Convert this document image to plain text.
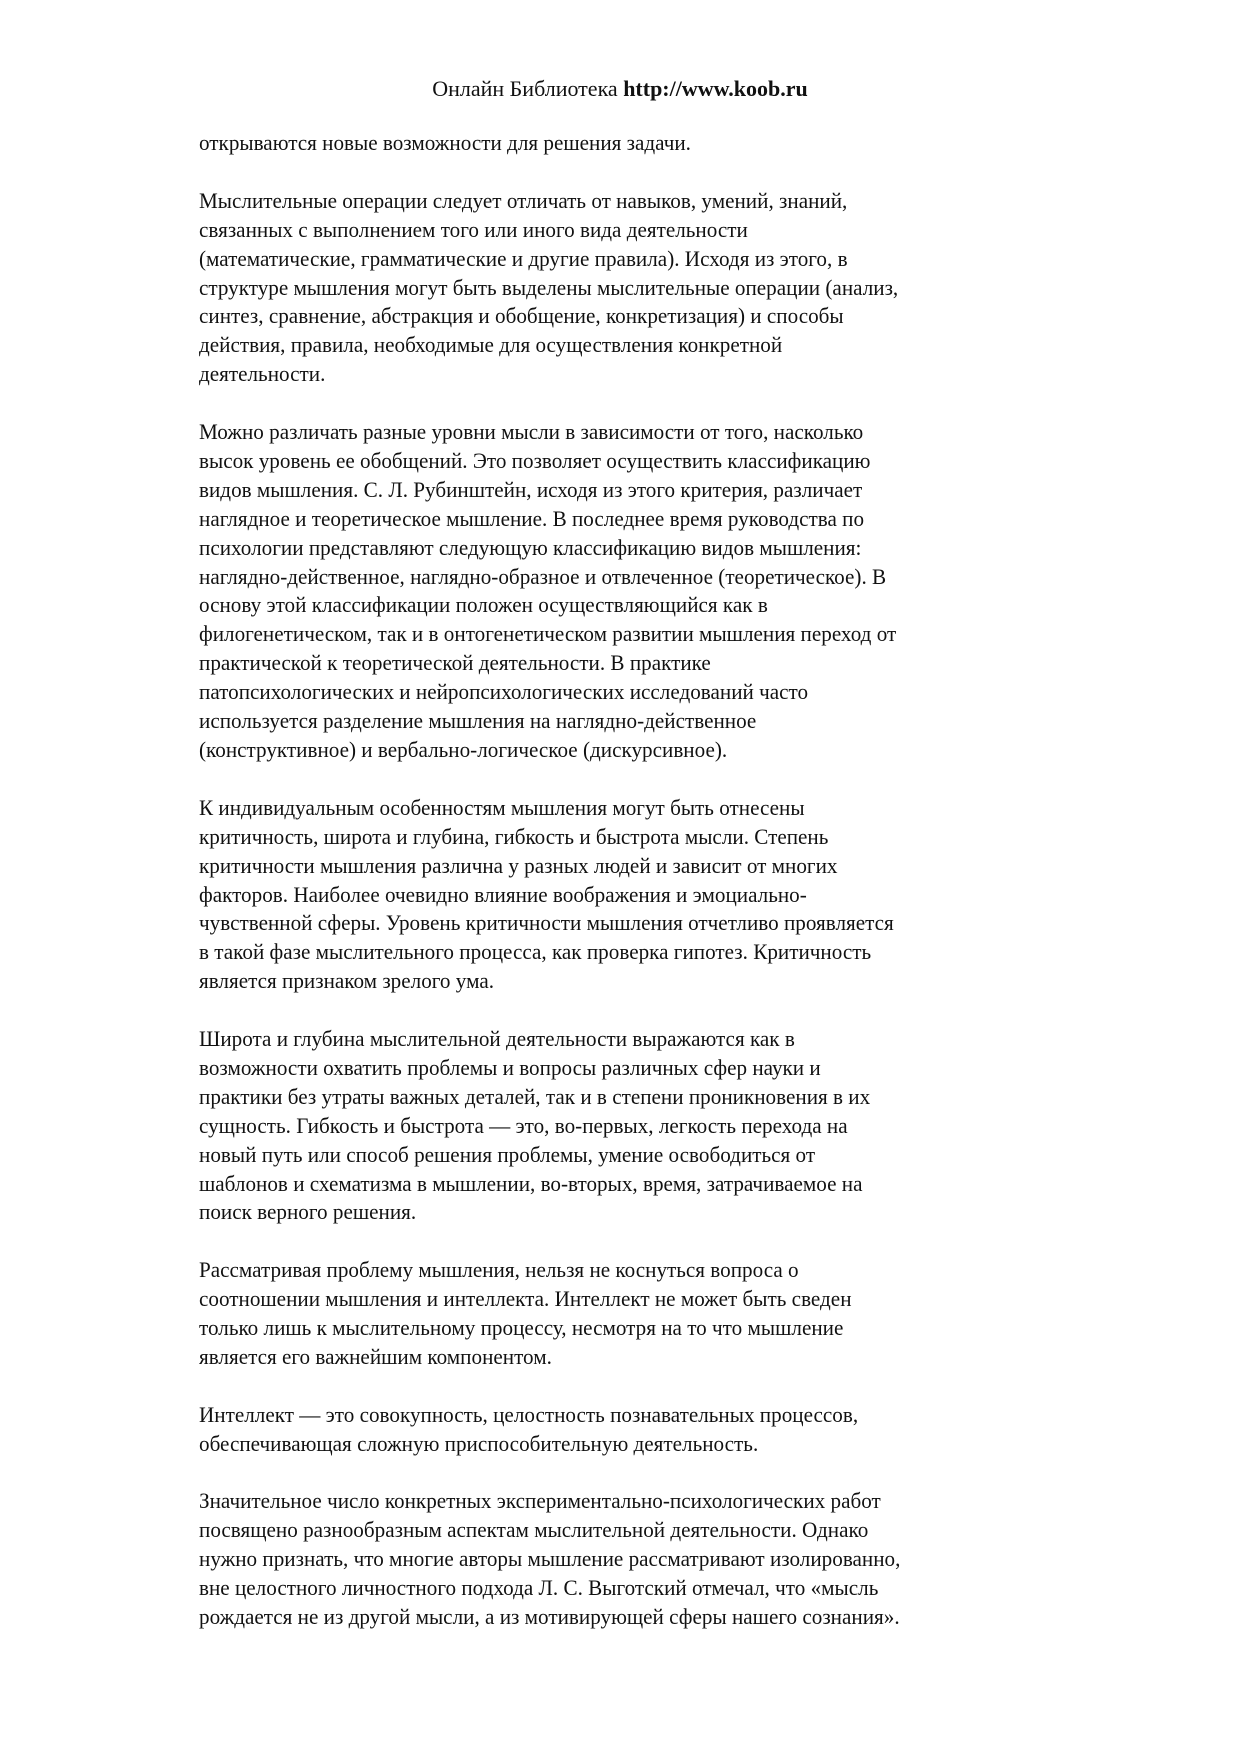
Онлайн Библиотека http://www.koob.ru
открываются новые возможности для решения задачи.
Мыслительные операции следует отличать от навыков, умений, знаний,
связанных с выполнением того или иного вида деятельности
(математические, грамматические и другие правила). Исходя из этого, в
структуре мышления могут быть выделены мыслительные операции (анализ,
синтез, сравнение, абстракция и обобщение, конкретизация) и способы
действия, правила, необходимые для осуществления конкретной
деятельности.
Можно различать разные уровни мысли в зависимости от того, насколько
высок уровень ее обобщений. Это позволяет осуществить классификацию
видов мышления. С. Л. Рубинштейн, исходя из этого критерия, различает
наглядное и теоретическое мышление. В последнее время руководства по
психологии представляют следующую классификацию видов мышления:
наглядно-действенное, наглядно-образное и отвлеченное (теоретическое). В
основу этой классификации положен осуществляющийся как в
филогенетическом, так и в онтогенетическом развитии мышления переход от
практической к теоретической деятельности. В практике
патопсихологических и нейропсихологических исследований часто
используется разделение мышления на наглядно-действенное
(конструктивное) и вербально-логическое (дискурсивное).
К индивидуальным особенностям мышления могут быть отнесены
критичность, широта и глубина, гибкость и быстрота мысли. Степень
критичности мышления различна у разных людей и зависит от многих
факторов. Наиболее очевидно влияние воображения и эмоциально-
чувственной сферы. Уровень критичности мышления отчетливо проявляется
в такой фазе мыслительного процесса, как проверка гипотез. Критичность
является признаком зрелого ума.
Широта и глубина мыслительной деятельности выражаются как в
возможности охватить проблемы и вопросы различных сфер науки и
практики без утраты важных деталей, так и в степени проникновения в их
сущность. Гибкость и быстрота — это, во-первых, легкость перехода на
новый путь или способ решения проблемы, умение освободиться от
шаблонов и схематизма в мышлении, во-вторых, время, затрачиваемое на
поиск верного решения.
Рассматривая проблему мышления, нельзя не коснуться вопроса о
соотношении мышления и интеллекта. Интеллект не может быть сведен
только лишь к мыслительному процессу, несмотря на то что мышление
является его важнейшим компонентом.
Интеллект — это совокупность, целостность познавательных процессов,
обеспечивающая сложную приспособительную деятельность.
Значительное число конкретных экспериментально-психологических работ
посвящено разнообразным аспектам мыслительной деятельности. Однако
нужно признать, что многие авторы мышление рассматривают изолированно,
вне целостного личностного подхода Л. С. Выготский отмечал, что «мысль
рождается не из другой мысли, а из мотивирующей сферы нашего сознания».
